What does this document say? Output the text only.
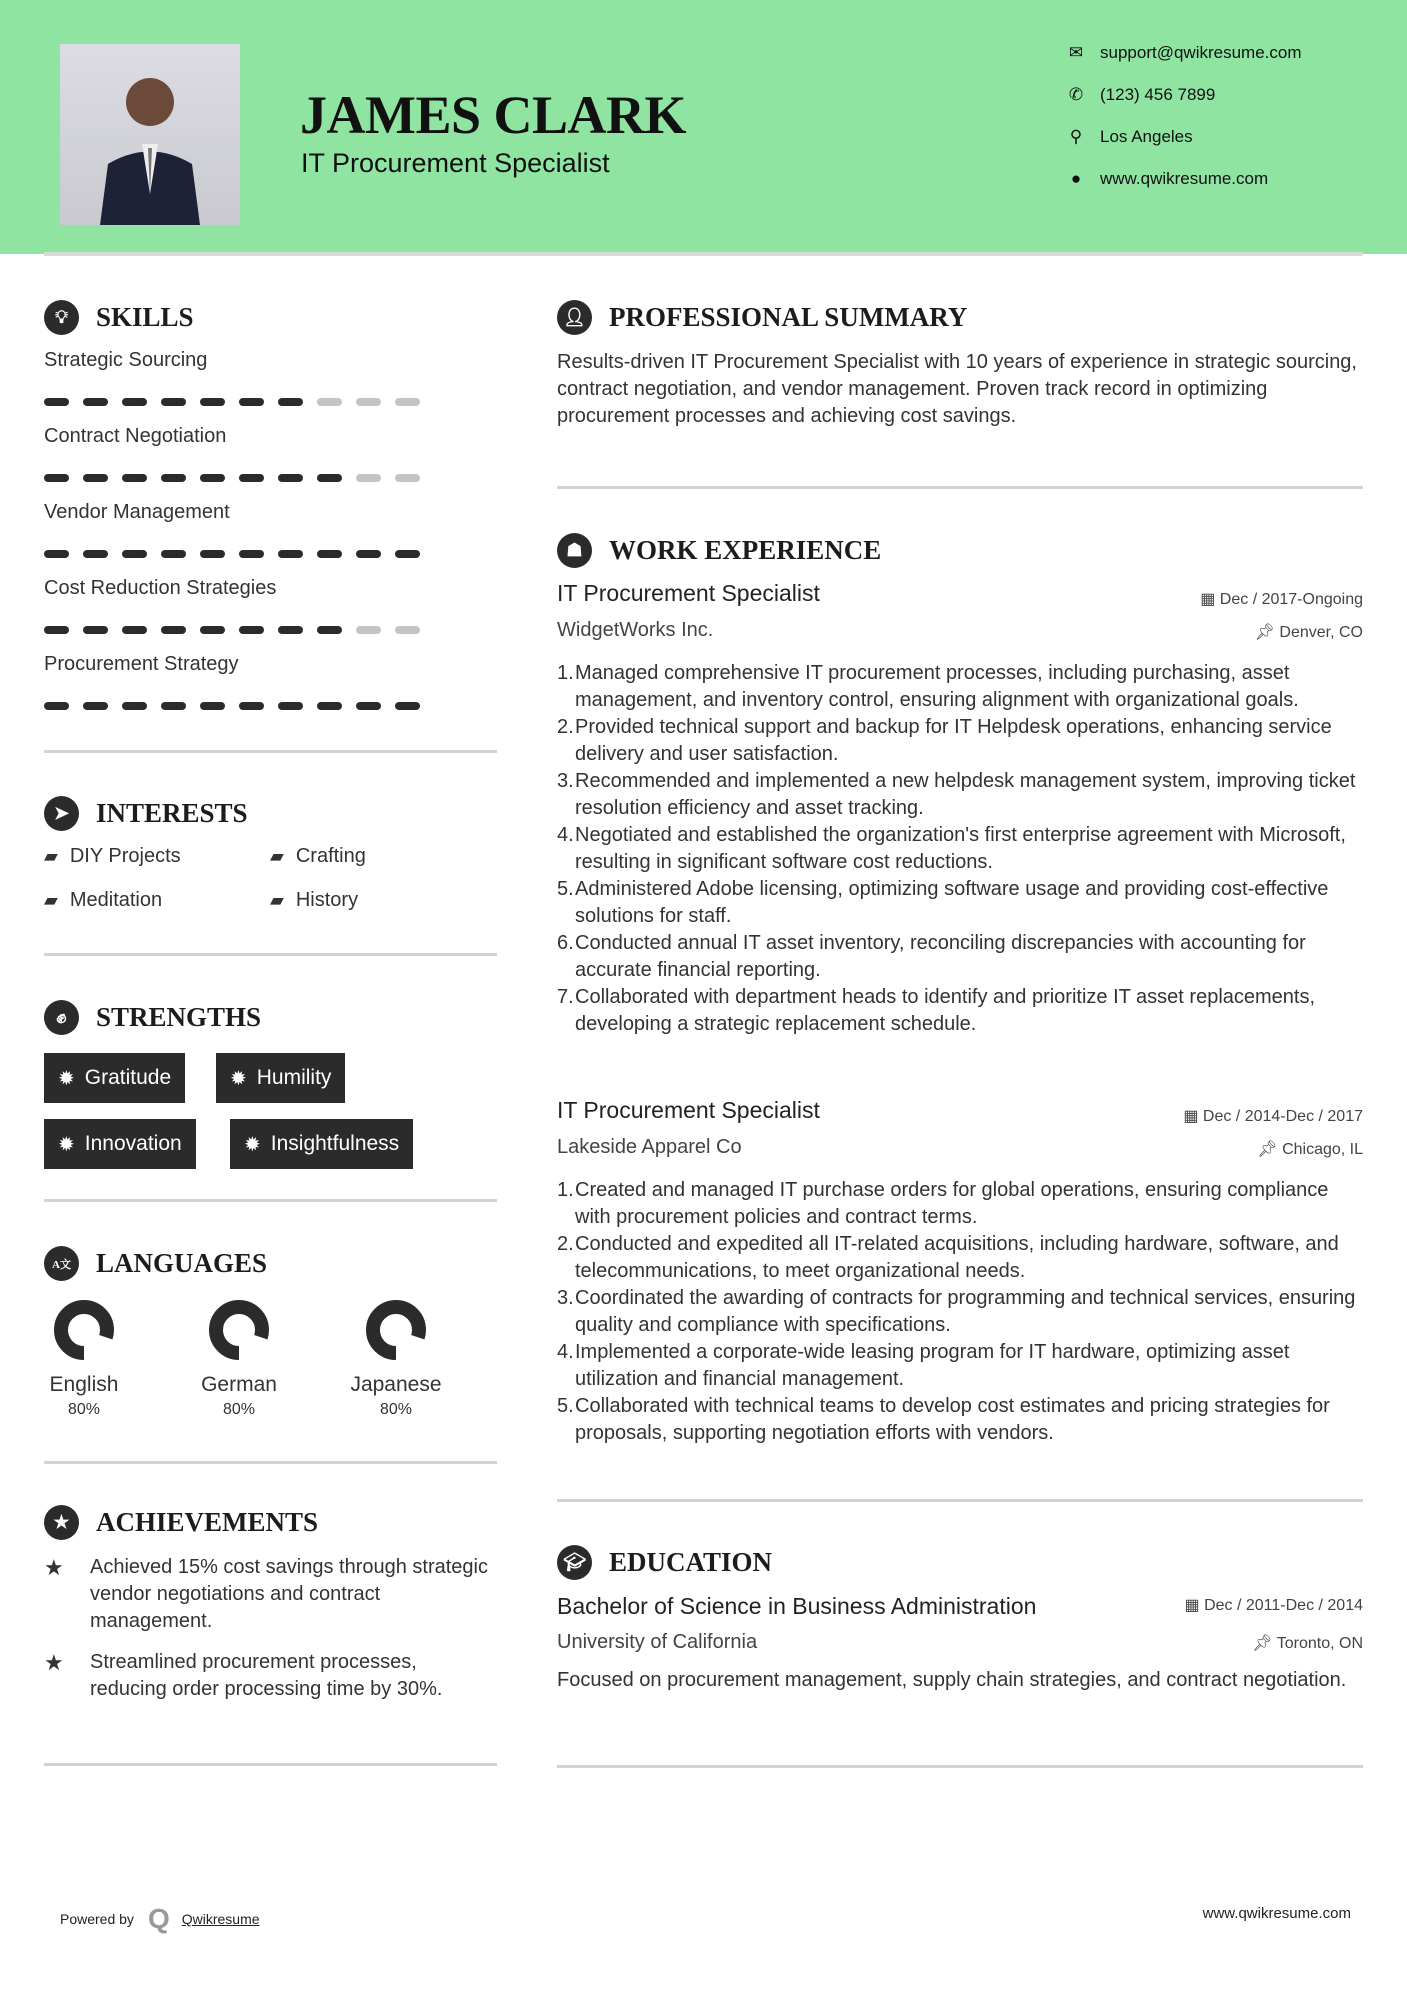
JAMES CLARK
IT Procurement Specialist
✉ support@qwikresume.com
✆ (123) 456 7899
⚲ Los Angeles
● www.qwikresume.com
💡︎	SKILLS
Strategic Sourcing
Contract Negotiation
Vendor Management
Cost Reduction Strategies
Procurement Strategy
➤ INTERESTS
▰ DIY Projects	▰ Crafting
▰ Meditation	▰ History
✊︎	STRENGTHS
✹ Gratitude	✹ Humility
✹ Innovation	✹ Insightfulness
A文 LANGUAGES
English
80%
German
80%
Japanese
80%
★ ACHIEVEMENTS
★	Achieved 15% cost savings through strategic vendor negotiations and contract management.
★	Streamlined procurement processes, reducing order processing time by 30%.
👤︎ PROFESSIONAL SUMMARY
Results-driven IT Procurement Specialist with 10 years of experience in strategic sourcing, contract negotiation, and vendor management. Proven track record in optimizing procurement processes and achieving cost savings.
☗ WORK EXPERIENCE
IT Procurement Specialist	▦ Dec / 2017-Ongoing
WidgetWorks Inc.	📌︎ Denver, CO
1. Managed comprehensive IT procurement processes, including purchasing, asset management, and inventory control, ensuring alignment with organizational goals.
2. Provided technical support and backup for IT Helpdesk operations, enhancing service delivery and user satisfaction.
3. Recommended and implemented a new helpdesk management system, improving ticket resolution efficiency and asset tracking.
4. Negotiated and established the organization's first enterprise agreement with Microsoft, resulting in significant software cost reductions.
5. Administered Adobe licensing, optimizing software usage and providing cost-effective solutions for staff.
6. Conducted annual IT asset inventory, reconciling discrepancies with accounting for accurate financial reporting.
7. Collaborated with department heads to identify and prioritize IT asset replacements, developing a strategic replacement schedule.
IT Procurement Specialist	▦ Dec / 2014-Dec / 2017
Lakeside Apparel Co	📌︎ Chicago, IL
1. Created and managed IT purchase orders for global operations, ensuring compliance with procurement policies and contract terms.
2. Conducted and expedited all IT-related acquisitions, including hardware, software, and telecommunications, to meet organizational needs.
3. Coordinated the awarding of contracts for programming and technical services, ensuring quality and compliance with specifications.
4. Implemented a corporate-wide leasing program for IT hardware, optimizing asset utilization and financial management.
5. Collaborated with technical teams to develop cost estimates and pricing strategies for proposals, supporting negotiation efforts with vendors.
🎓︎ EDUCATION
Bachelor of Science in Business Administration	▦ Dec / 2011-Dec / 2014
University of California	📌︎ Toronto, ON
Focused on procurement management, supply chain strategies, and contract negotiation.
Powered by Q Qwikresume	www.qwikresume.com
